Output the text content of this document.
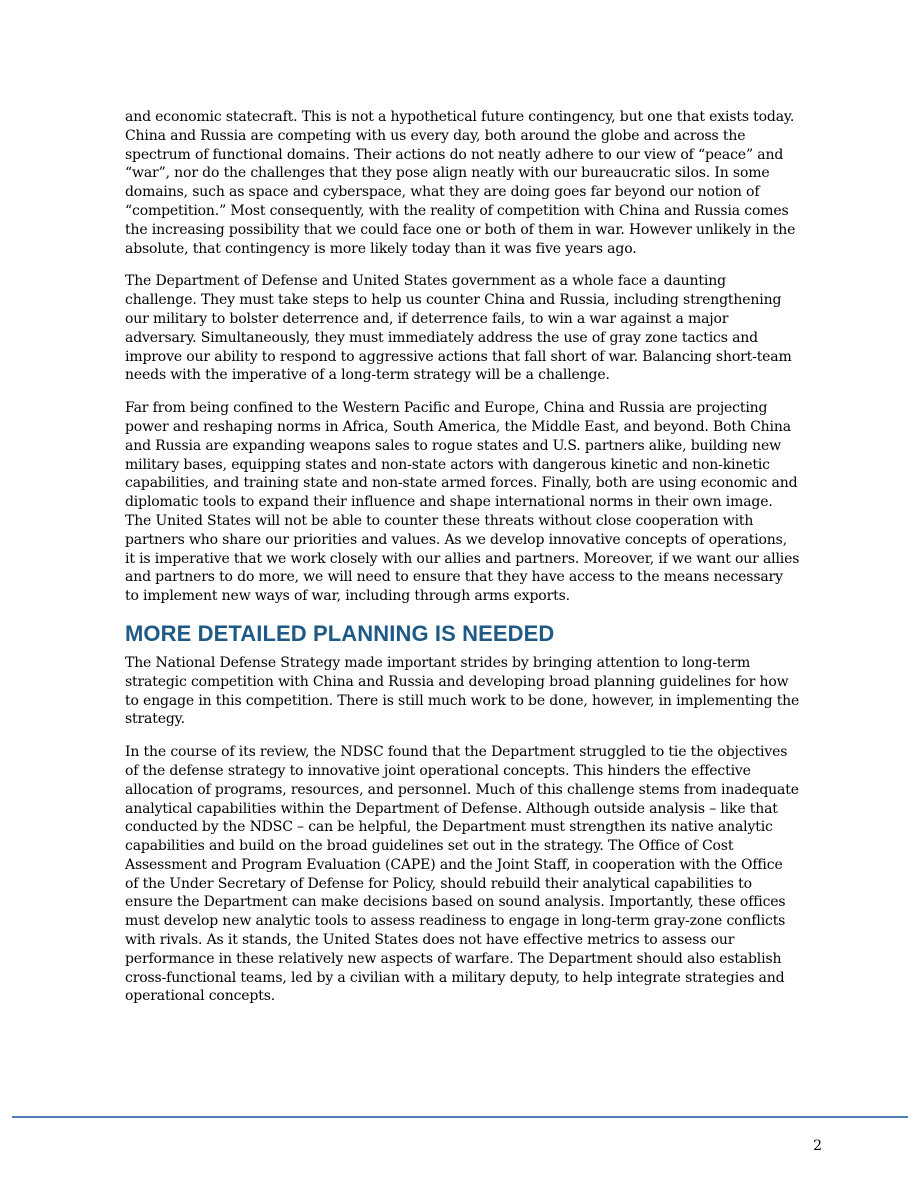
and economic statecraft. This is not a hypothetical future contingency, but one that exists today. China and Russia are competing with us every day, both around the globe and across the spectrum of functional domains. Their actions do not neatly adhere to our view of “peace” and “war”, nor do the challenges that they pose align neatly with our bureaucratic silos. In some domains, such as space and cyberspace, what they are doing goes far beyond our notion of “competition.” Most consequently, with the reality of competition with China and Russia comes the increasing possibility that we could face one or both of them in war. However unlikely in the absolute, that contingency is more likely today than it was five years ago.

The Department of Defense and United States government as a whole face a daunting challenge. They must take steps to help us counter China and Russia, including strengthening our military to bolster deterrence and, if deterrence fails, to win a war against a major adversary. Simultaneously, they must immediately address the use of gray zone tactics and improve our ability to respond to aggressive actions that fall short of war. Balancing short-team needs with the imperative of a long-term strategy will be a challenge.

Far from being confined to the Western Pacific and Europe, China and Russia are projecting power and reshaping norms in Africa, South America, the Middle East, and beyond. Both China and Russia are expanding weapons sales to rogue states and U.S. partners alike, building new military bases, equipping states and non-state actors with dangerous kinetic and non-kinetic capabilities, and training state and non-state armed forces. Finally, both are using economic and diplomatic tools to expand their influence and shape international norms in their own image. The United States will not be able to counter these threats without close cooperation with partners who share our priorities and values. As we develop innovative concepts of operations, it is imperative that we work closely with our allies and partners. Moreover, if we want our allies and partners to do more, we will need to ensure that they have access to the means necessary to implement new ways of war, including through arms exports.

MORE DETAILED PLANNING IS NEEDED

The National Defense Strategy made important strides by bringing attention to long-term strategic competition with China and Russia and developing broad planning guidelines for how to engage in this competition. There is still much work to be done, however, in implementing the strategy.

In the course of its review, the NDSC found that the Department struggled to tie the objectives of the defense strategy to innovative joint operational concepts. This hinders the effective allocation of programs, resources, and personnel. Much of this challenge stems from inadequate analytical capabilities within the Department of Defense. Although outside analysis – like that conducted by the NDSC – can be helpful, the Department must strengthen its native analytic capabilities and build on the broad guidelines set out in the strategy. The Office of Cost Assessment and Program Evaluation (CAPE) and the Joint Staff, in cooperation with the Office of the Under Secretary of Defense for Policy, should rebuild their analytical capabilities to ensure the Department can make decisions based on sound analysis. Importantly, these offices must develop new analytic tools to assess readiness to engage in long-term gray-zone conflicts with rivals. As it stands, the United States does not have effective metrics to assess our performance in these relatively new aspects of warfare. The Department should also establish cross-functional teams, led by a civilian with a military deputy, to help integrate strategies and operational concepts.

2
